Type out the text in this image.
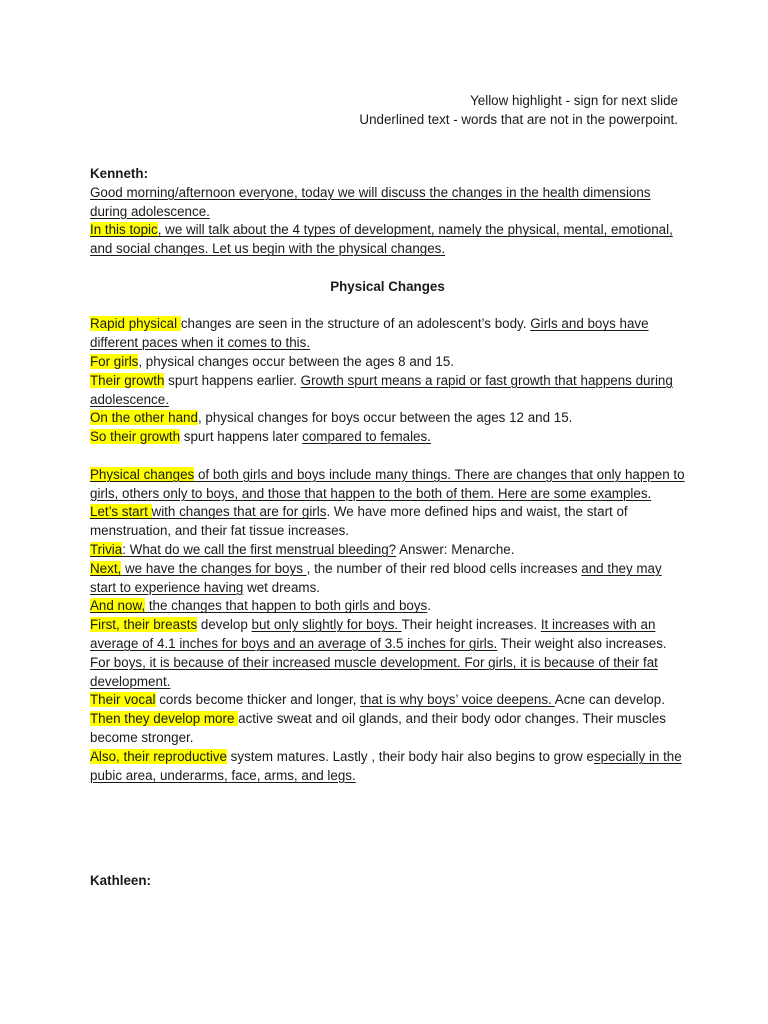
Yellow highlight - sign for next slide
Underlined text - words that are not in the powerpoint.

Kenneth:

Good morning/afternoon everyone, today we will discuss the changes in the health dimensions during adolescence.

In this topic, we will talk about the 4 types of development, namely the physical, mental, emotional, and social changes. Let us begin with the physical changes.

Physical Changes

Rapid physical changes are seen in the structure of an adolescent’s body. Girls and boys have different paces when it comes to this.

For girls, physical changes occur between the ages 8 and 15.

Their growth spurt happens earlier. Growth spurt means a rapid or fast growth that happens during adolescence.

On the other hand, physical changes for boys occur between the ages 12 and 15.

So their growth spurt happens later compared to females.

Physical changes of both girls and boys include many things. There are changes that only happen to girls, others only to boys, and those that happen to the both of them. Here are some examples.

Let’s start with changes that are for girls. We have more defined hips and waist, the start of menstruation, and their fat tissue increases.

Trivia: What do we call the first menstrual bleeding? Answer: Menarche.

Next, we have the changes for boys , the number of their red blood cells increases and they may start to experience having wet dreams.

And now, the changes that happen to both girls and boys.

First, their breasts develop but only slightly for boys. Their height increases. It increases with an average of 4.1 inches for boys and an average of 3.5 inches for girls. Their weight also increases. For boys, it is because of their increased muscle development. For girls, it is because of their fat development.

Their vocal cords become thicker and longer, that is why boys’ voice deepens. Acne can develop.

Then they develop more active sweat and oil glands, and their body odor changes. Their muscles become stronger.

Also, their reproductive system matures. Lastly , their body hair also begins to grow especially in the pubic area, underarms, face, arms, and legs.

Kathleen:
